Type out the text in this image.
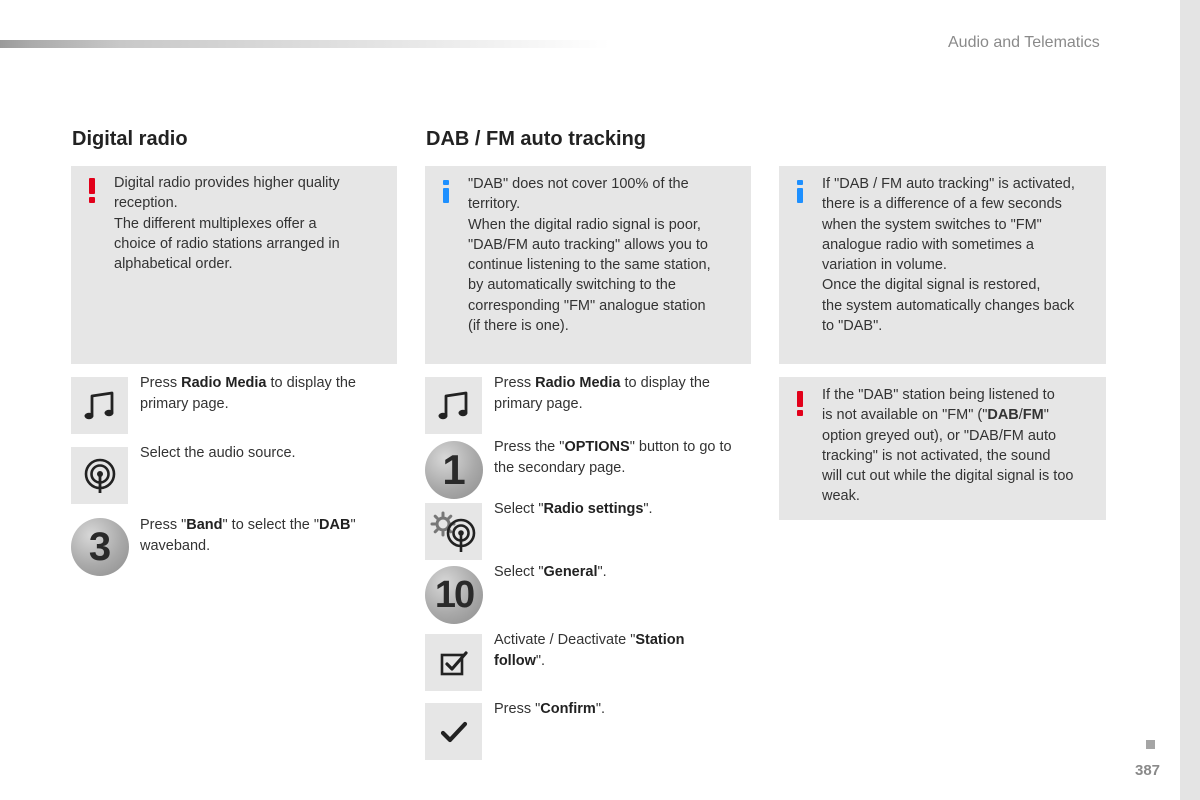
Audio and Telematics
Digital radio
Digital radio provides higher quality
reception.
The different multiplexes offer a
choice of radio stations arranged in
alphabetical order.
Press Radio Media to display the
primary page.
Select the audio source.
3	Press "Band" to select the "DAB"
waveband.
DAB / FM auto tracking
"DAB" does not cover 100% of the
territory.
When the digital radio signal is poor,
"DAB/FM auto tracking" allows you to
continue listening to the same station,
by automatically switching to the
corresponding "FM" analogue station
(if there is one).
Press Radio Media to display the
primary page.
1	Press the "OPTIONS" button to go to
the secondary page.
Select "Radio settings".
10
Select "General".
Activate / Deactivate "Station
follow".
Press "Confirm".
If "DAB / FM auto tracking" is activated,
there is a difference of a few seconds
when the system switches to "FM"
analogue radio with sometimes a
variation in volume.
Once the digital signal is restored,
the system automatically changes back
to "DAB".
If the "DAB" station being listened to
is not available on "FM" ("DAB/FM"
option greyed out), or "DAB/FM auto
tracking" is not activated, the sound
will cut out while the digital signal is too
weak.
387
